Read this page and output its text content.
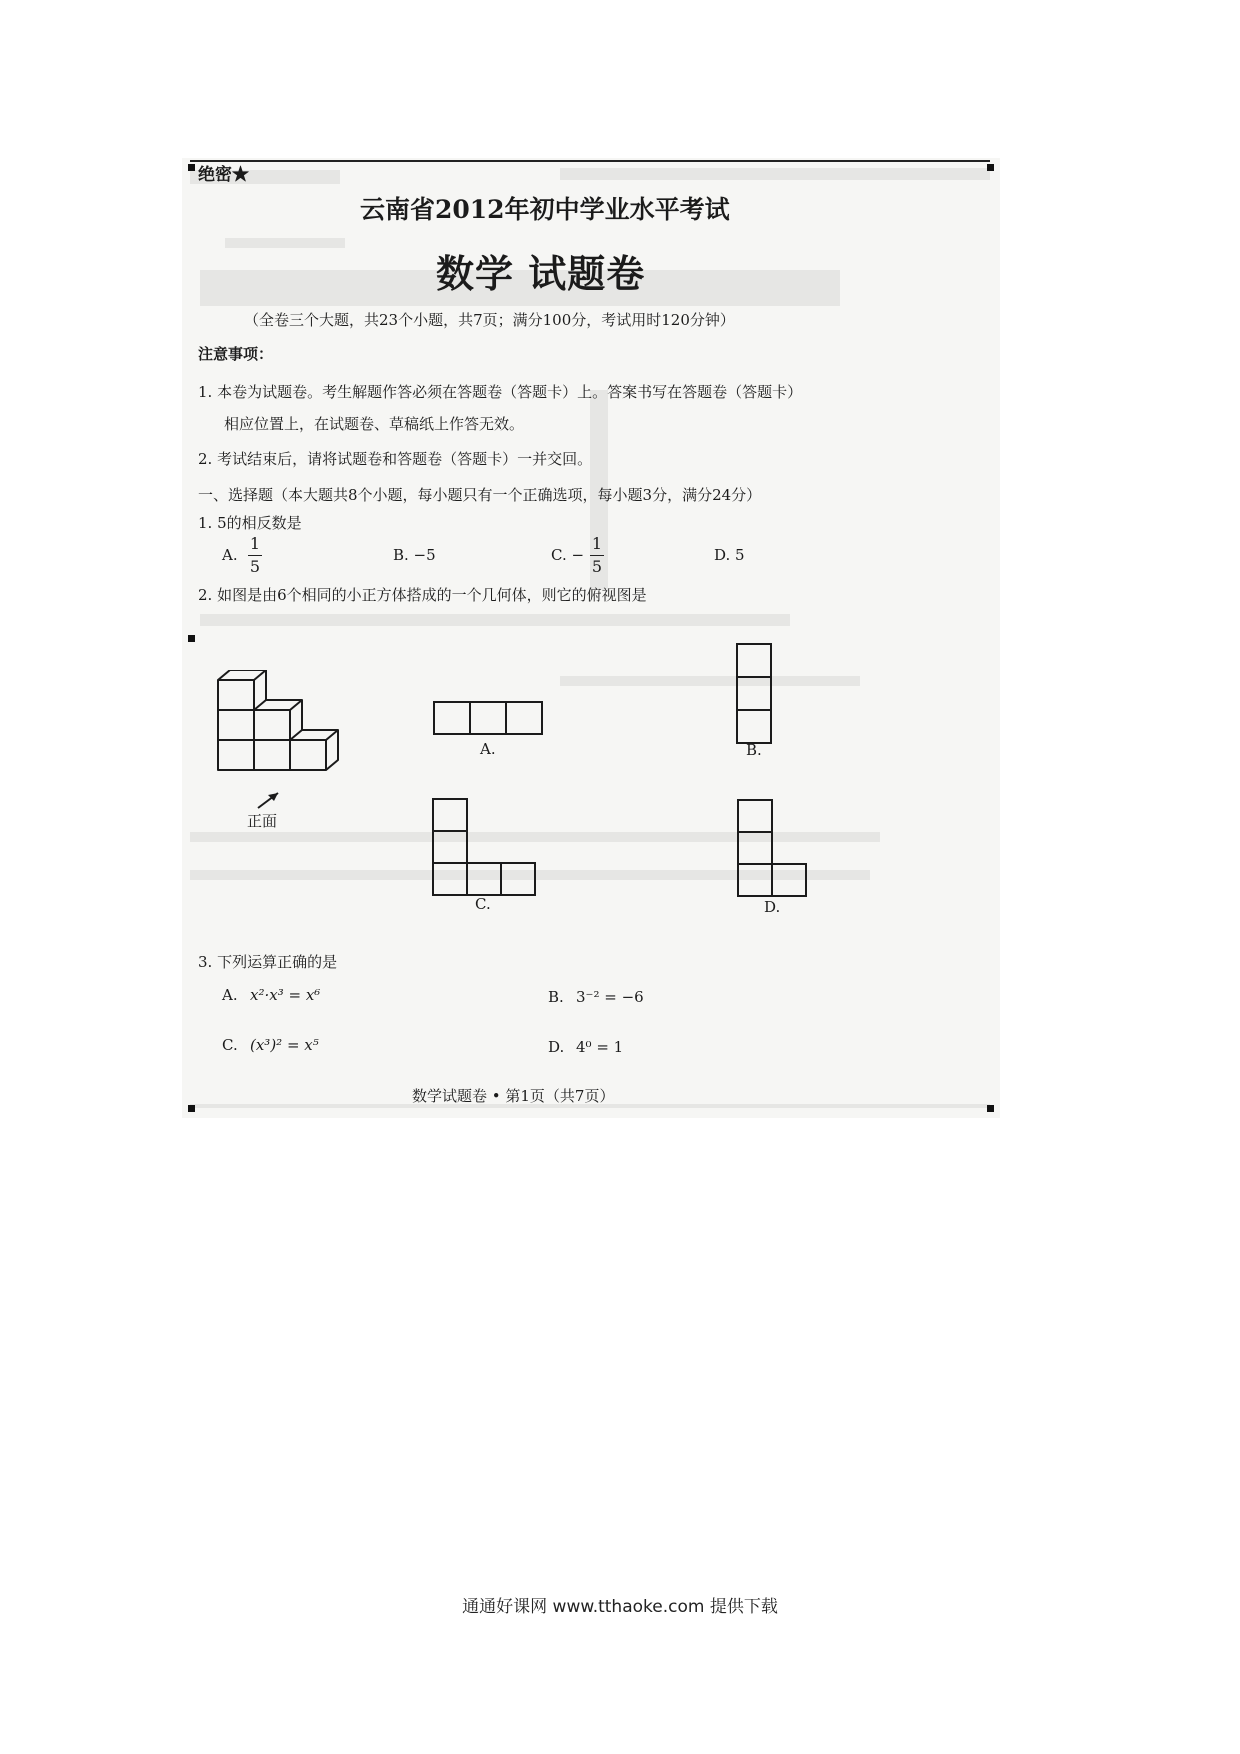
绝密★
云南省2012年初中学业水平考试
数学 试题卷
（全卷三个大题，共23个小题，共7页；满分100分，考试用时120分钟）
注意事项：
1. 本卷为试题卷。考生解题作答必须在答题卷（答题卡）上。答案书写在答题卷（答题卡）
相应位置上，在试题卷、草稿纸上作答无效。
2. 考试结束后，请将试题卷和答题卷（答题卡）一并交回。
一、选择题（本大题共8个小题，每小题只有一个正确选项，每小题3分，满分24分）
1. 5的相反数是
A.
1
5
B. −5	C. −
1
5
D. 5
2. 如图是由6个相同的小正方体搭成的一个几何体，则它的俯视图是
正面
A.	B.
C.	D.
3. 下列运算正确的是
A. x²·x³ = x⁶	B. 3⁻² = −6
C. (x³)² = x⁵	D. 4⁰ = 1
数学试题卷 • 第1页（共7页）
通通好课网 www.tthaoke.com 提供下载
